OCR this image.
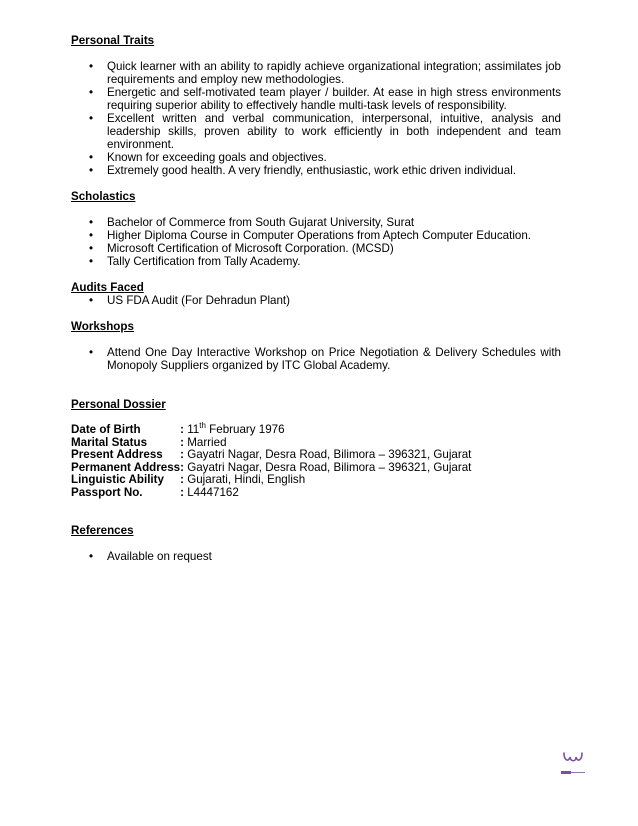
Personal Traits

• Quick learner with an ability to rapidly achieve organizational integration; assimilates job requirements and employ new methodologies.
• Energetic and self-motivated team player / builder. At ease in high stress environments requiring superior ability to effectively handle multi-task levels of responsibility.
• Excellent written and verbal communication, interpersonal, intuitive, analysis and leadership skills, proven ability to work efficiently in both independent and team environment.
• Known for exceeding goals and objectives.
• Extremely good health. A very friendly, enthusiastic, work ethic driven individual.

Scholastics

• Bachelor of Commerce from South Gujarat University, Surat
• Higher Diploma Course in Computer Operations from Aptech Computer Education.
• Microsoft Certification of Microsoft Corporation. (MCSD)
• Tally Certification from Tally Academy.

Audits Faced

• US FDA Audit (For Dehradun Plant)

Workshops

• Attend One Day Interactive Workshop on Price Negotiation & Delivery Schedules with Monopoly Suppliers organized by ITC Global Academy.

Personal Dossier

Date of Birth	: 11th February 1976
Marital Status	: Married
Present Address	: Gayatri Nagar, Desra Road, Bilimora – 396321, Gujarat
Permanent Address	: Gayatri Nagar, Desra Road, Bilimora – 396321, Gujarat
Linguistic Ability	: Gujarati, Hindi, English
Passport No.	: L4447162

References

• Available on request
